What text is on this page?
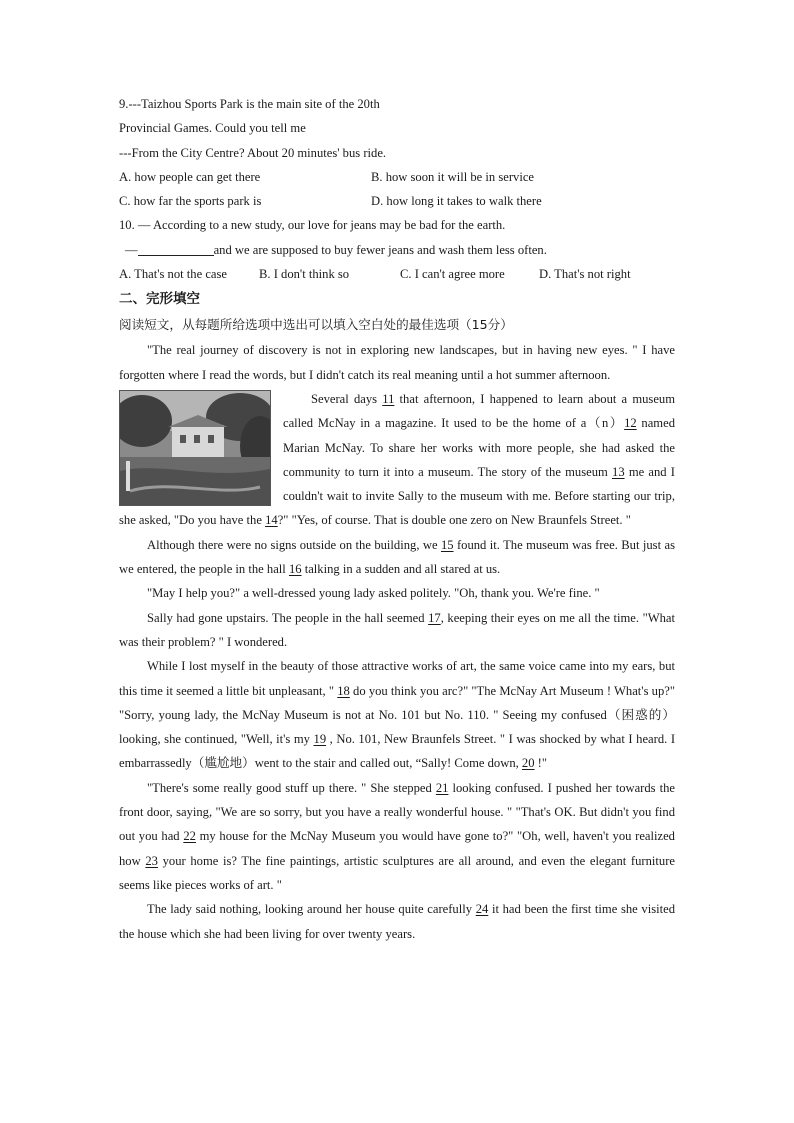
9.---Taizhou Sports Park is the main site of the 20th
Provincial Games. Could you tell me
---From the City Centre? About 20 minutes' bus ride.
A. how people can get there	B. how soon it will be in service
C. how far the sports park is	D. how long it takes to walk there
10. — According to a new study, our love for jeans may be bad for the earth.
—	and we are supposed to buy fewer jeans and wash them less often.
A. That's not the case	B. I don't think so	C. I can't agree more	D. That's not right
二、完形填空
阅读短文，从每题所给选项中选出可以填入空白处的最佳选项（15分）

"The real journey of discovery is not in exploring new landscapes, but in having new eyes. " I have forgotten where I read the words, but I didn't catch its real meaning until a hot summer afternoon.

Several days 11 that afternoon, I happened to learn about a museum called McNay in a magazine. It used to be the home of a（n）12 named Marian McNay. To share her works with more people, she had asked the community to turn it into a museum. The story of the museum 13 me and I couldn't wait to invite Sally to the museum with me. Before starting our trip, she asked, "Do you have the 14?" "Yes, of course. That is double one zero on New Braunfels Street. "

Although there were no signs outside on the building, we 15 found it. The museum was free. But just as we entered, the people in the hall 16 talking in a sudden and all stared at us.

"May I help you?" a well-dressed young lady asked politely. "Oh, thank you. We're fine. "

Sally had gone upstairs. The people in the hall seemed 17, keeping their eyes on me all the time. "What was their problem? " I wondered.

While I lost myself in the beauty of those attractive works of art, the same voice came into my ears, but this time it seemed a little bit unpleasant, " 18 do you think you arc?" "The McNay Art Museum ! What's up?" "Sorry, young lady, the McNay Museum is not at No. 101 but No. 110. " Seeing my confused（困惑的）looking, she continued, "Well, it's my 19 , No. 101, New Braunfels Street. " I was shocked by what I heard. I embarrassedly（尴尬地）went to the stair and called out, “Sally! Come down, 20 !"

"There's some really good stuff up there. " She stepped 21 looking confused. I pushed her towards the front door, saying, "We are so sorry, but you have a really wonderful house. " "That's OK. But didn't you find out you had 22 my house for the McNay Museum you would have gone to?" "Oh, well, haven't you realized how 23 your home is? The fine paintings, artistic sculptures are all around, and even the elegant furniture seems like pieces works of art. "

The lady said nothing, looking around her house quite carefully 24 it had been the first time she visited the house which she had been living for over twenty years.
